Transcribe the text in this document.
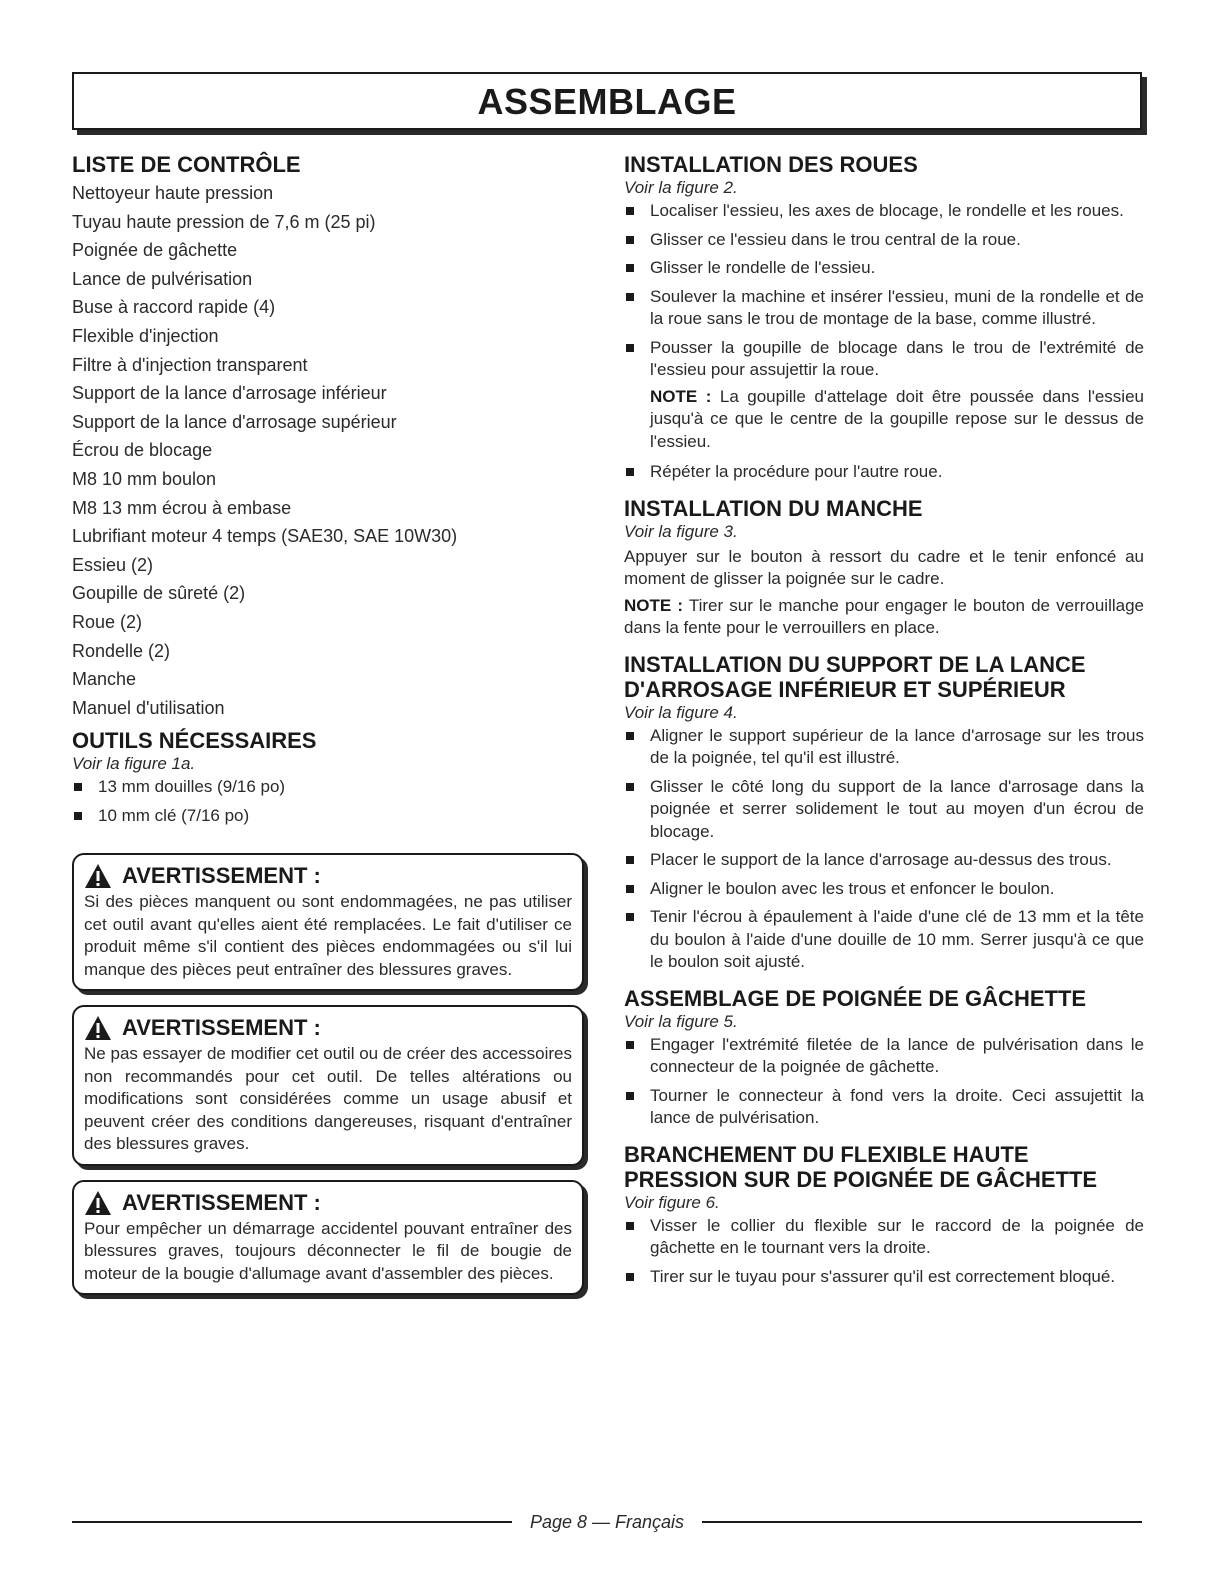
ASSEMBLAGE
LISTE DE CONTRÔLE
Nettoyeur haute pression
Tuyau haute pression de 7,6 m (25 pi)
Poignée de gâchette
Lance de pulvérisation
Buse à raccord rapide (4)
Flexible d'injection
Filtre à d'injection transparent
Support de la lance d'arrosage inférieur
Support de la lance d'arrosage supérieur
Écrou de blocage
M8 10 mm boulon
M8 13 mm écrou à embase
Lubrifiant moteur 4 temps (SAE30, SAE 10W30)
Essieu (2)
Goupille de sûreté (2)
Roue (2)
Rondelle (2)
Manche
Manuel d'utilisation
OUTILS NÉCESSAIRES

Voir la figure 1a.

13 mm douilles (9/16 po)
10 mm clé (7/16 po)
AVERTISSEMENT :

Si des pièces manquent ou sont endommagées, ne pas utiliser cet outil avant qu'elles aient été remplacées. Le fait d'utiliser ce produit même s'il contient des pièces endommagées ou s'il lui manque des pièces peut entraîner des blessures graves.

AVERTISSEMENT :

Ne pas essayer de modifier cet outil ou de créer des accessoires non recommandés pour cet outil. De telles altérations ou modifications sont considérées comme un usage abusif et peuvent créer des conditions dangereuses, risquant d'entraîner des blessures graves.

AVERTISSEMENT :

Pour empêcher un démarrage accidentel pouvant entraîner des blessures graves, toujours déconnecter le fil de bougie de moteur de la bougie d'allumage avant d'assembler des pièces.

INSTALLATION DES ROUES

Voir la figure 2.

Localiser l'essieu, les axes de blocage, le rondelle et les roues.
Glisser ce l'essieu dans le trou central de la roue.
Glisser le rondelle de l'essieu.
Soulever la machine et insérer l'essieu, muni de la rondelle et de la roue sans le trou de montage de la base, comme illustré.
Pousser la goupille de blocage dans le trou de l'extrémité de l'essieu pour assujettir la roue.
NOTE : La goupille d'attelage doit être poussée dans l'essieu jusqu'à ce que le centre de la goupille repose sur le dessus de l'essieu.
Répéter la procédure pour l'autre roue.
INSTALLATION DU MANCHE

Voir la figure 3.

Appuyer sur le bouton à ressort du cadre et le tenir enfoncé au moment de glisser la poignée sur le cadre.

NOTE : Tirer sur le manche pour engager le bouton de verrouillage dans la fente pour le verrouillers en place.

INSTALLATION DU SUPPORT DE LA LANCE D'ARROSAGE INFÉRIEUR ET SUPÉRIEUR

Voir la figure 4.

Aligner le support supérieur de la lance d'arrosage sur les trous de la poignée, tel qu'il est illustré.
Glisser le côté long du support de la lance d'arrosage dans la poignée et serrer solidement le tout au moyen d'un écrou de blocage.
Placer le support de la lance d'arrosage au-dessus des trous.
Aligner le boulon avec les trous et enfoncer le boulon.
Tenir l'écrou à épaulement à l'aide d'une clé de 13 mm et la tête du boulon à l'aide d'une douille de 10 mm. Serrer jusqu'à ce que le boulon soit ajusté.
ASSEMBLAGE DE POIGNÉE DE GÂCHETTE

Voir la figure 5.

Engager l'extrémité filetée de la lance de pulvérisation dans le connecteur de la poignée de gâchette.
Tourner le connecteur à fond vers la droite. Ceci assujettit la lance de pulvérisation.
BRANCHEMENT DU FLEXIBLE HAUTE PRESSION SUR DE POIGNÉE DE GÂCHETTE

Voir figure 6.

Visser le collier du flexible sur le raccord de la poignée de gâchette en le tournant vers la droite.
Tirer sur le tuyau pour s'assurer qu'il est correctement bloqué.
Page 8 — Français
